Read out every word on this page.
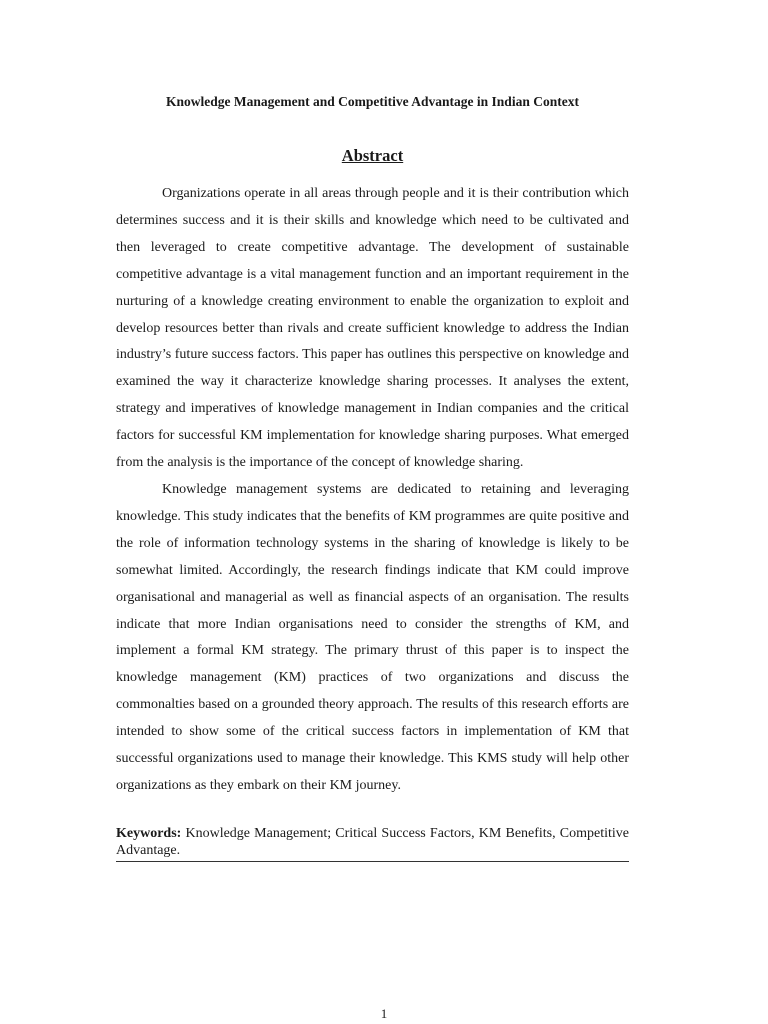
Knowledge Management and Competitive Advantage in Indian Context
Abstract

Organizations operate in all areas through people and it is their contribution which determines success and it is their skills and knowledge which need to be cultivated and then leveraged to create competitive advantage. The development of sustainable competitive advantage is a vital management function and an important requirement in the nurturing of a knowledge creating environment to enable the organization to exploit and develop resources better than rivals and create sufficient knowledge to address the Indian industry’s future success factors. This paper has outlines this perspective on knowledge and examined the way it characterize knowledge sharing processes. It analyses the extent, strategy and imperatives of knowledge management in Indian companies and the critical factors for successful KM implementation for knowledge sharing purposes. What emerged from the analysis is the importance of the concept of knowledge sharing.

Knowledge management systems are dedicated to retaining and leveraging knowledge. This study indicates that the benefits of KM programmes are quite positive and the role of information technology systems in the sharing of knowledge is likely to be somewhat limited. Accordingly, the research findings indicate that KM could improve organisational and managerial as well as financial aspects of an organisation. The results indicate that more Indian organisations need to consider the strengths of KM, and implement a formal KM strategy. The primary thrust of this paper is to inspect the knowledge management (KM) practices of two organizations and discuss the commonalties based on a grounded theory approach. The results of this research efforts are intended to show some of the critical success factors in implementation of KM that successful organizations used to manage their knowledge. This KMS study will help other organizations as they embark on their KM journey.

Keywords: Knowledge Management; Critical Success Factors, KM Benefits, Competitive Advantage.
1
